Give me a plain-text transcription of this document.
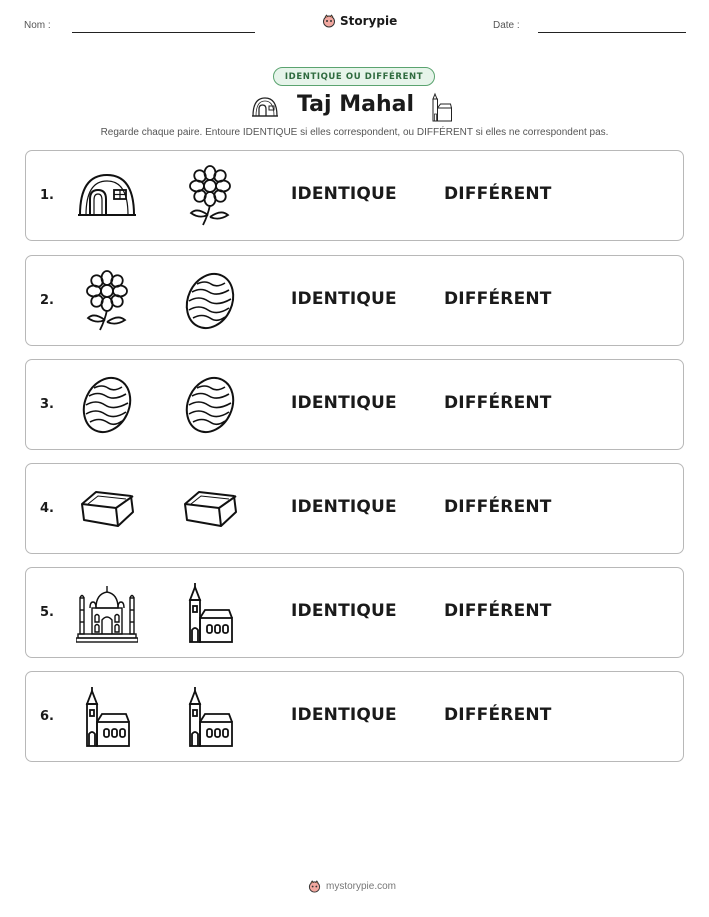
Nom :	Storypie	Date :
IDENTIQUE OU DIFFÉRENT
Taj Mahal
Regarde chaque paire. Entoure IDENTIQUE si elles correspondent, ou DIFFÉRENT si elles ne correspondent pas.
1.	IDENTIQUE	DIFFÉRENT
2.	IDENTIQUE	DIFFÉRENT
3.	IDENTIQUE	DIFFÉRENT
4.	IDENTIQUE	DIFFÉRENT
5.	IDENTIQUE	DIFFÉRENT
6.	IDENTIQUE	DIFFÉRENT
mystorypie.com
